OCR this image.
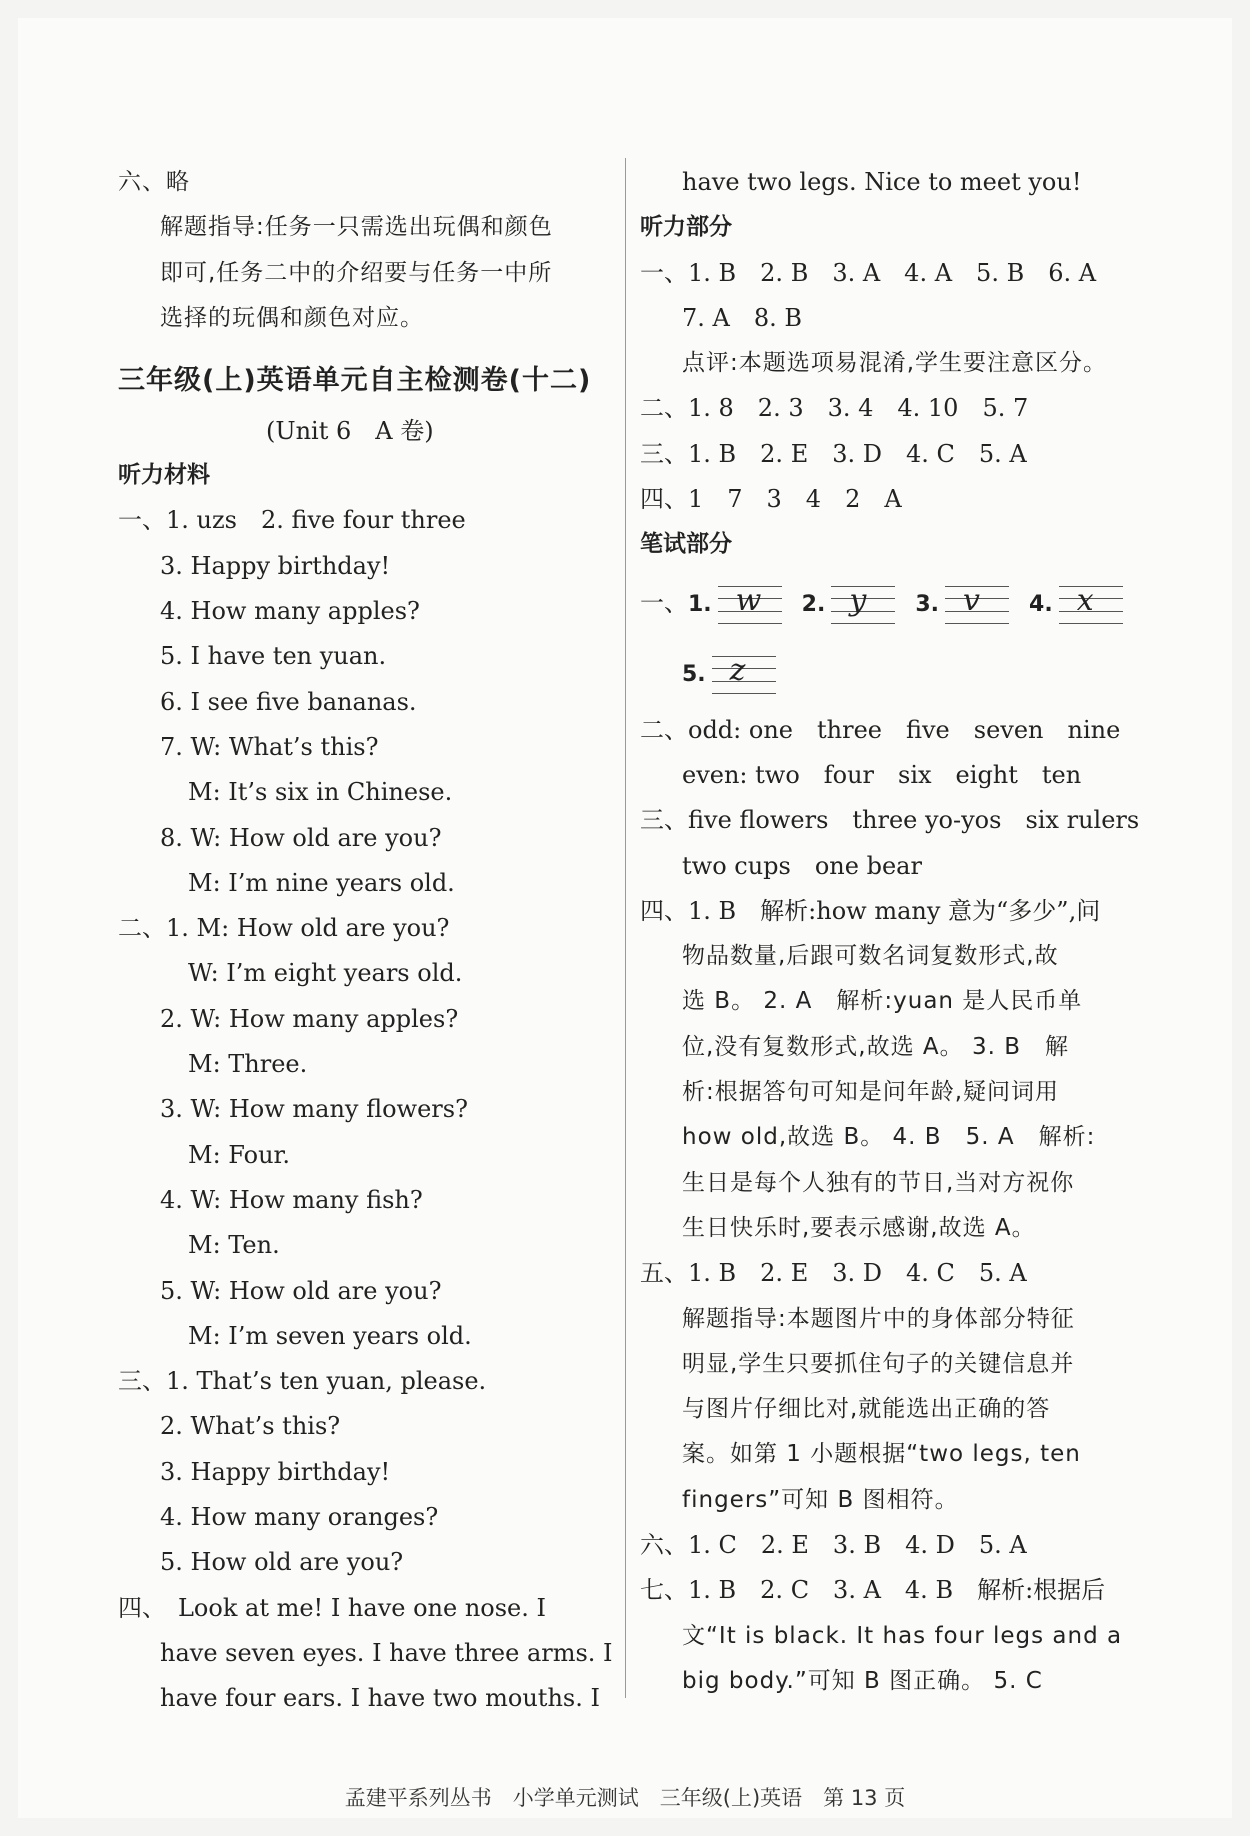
六、略
解题指导:任务一只需选出玩偶和颜色
即可,任务二中的介绍要与任务一中所
选择的玩偶和颜色对应。
三年级(上)英语单元自主检测卷(十二)
(Unit 6　A 卷)
听力材料
一、1. uzs　2. five four three
3. Happy birthday!
4. How many apples?
5. I have ten yuan.
6. I see five bananas.
7. W: What’s this?
M: It’s six in Chinese.
8. W: How old are you?
M: I’m nine years old.
二、1. M: How old are you?
W: I’m eight years old.
2. W: How many apples?
M: Three.
3. W: How many flowers?
M: Four.
4. W: How many fish?
M: Ten.
5. W: How old are you?
M: I’m seven years old.
三、1. That’s ten yuan, please.
2. What’s this?
3. Happy birthday!
4. How many oranges?
5. How old are you?
四、　Look at me! I have one nose. I
have seven eyes. I have three arms. I
have four ears. I have two mouths. I
have two legs. Nice to meet you!
听力部分
一、1. B　2. B　3. A　4. A　5. B　6. A
7. A　8. B
点评:本题选项易混淆,学生要注意区分。
二、1. 8　2. 3　3. 4　4. 10　5. 7
三、1. B　2. E　3. D　4. C　5. A
四、1　7　3　4　2　A
笔试部分
一、1. w 2. y 3. v 4. x
5. z
二、odd: one　three　five　seven　nine
even: two　four　six　eight　ten
三、five flowers　three yo-yos　six rulers
two cups　one bear
四、1. B　解析:how many 意为“多少”,问
物品数量,后跟可数名词复数形式,故
选 B。 2. A　解析:yuan 是人民币单
位,没有复数形式,故选 A。 3. B　解
析:根据答句可知是问年龄,疑问词用
how old,故选 B。 4. B　5. A　解析:
生日是每个人独有的节日,当对方祝你
生日快乐时,要表示感谢,故选 A。
五、1. B　2. E　3. D　4. C　5. A
解题指导:本题图片中的身体部分特征
明显,学生只要抓住句子的关键信息并
与图片仔细比对,就能选出正确的答
案。如第 1 小题根据“two legs, ten
fingers”可知 B 图相符。
六、1. C　2. E　3. B　4. D　5. A
七、1. B　2. C　3. A　4. B　解析:根据后
文“It is black. It has four legs and a
big body.”可知 B 图正确。 5. C
孟建平系列丛书　小学单元测试　三年级(上)英语　第 13 页
